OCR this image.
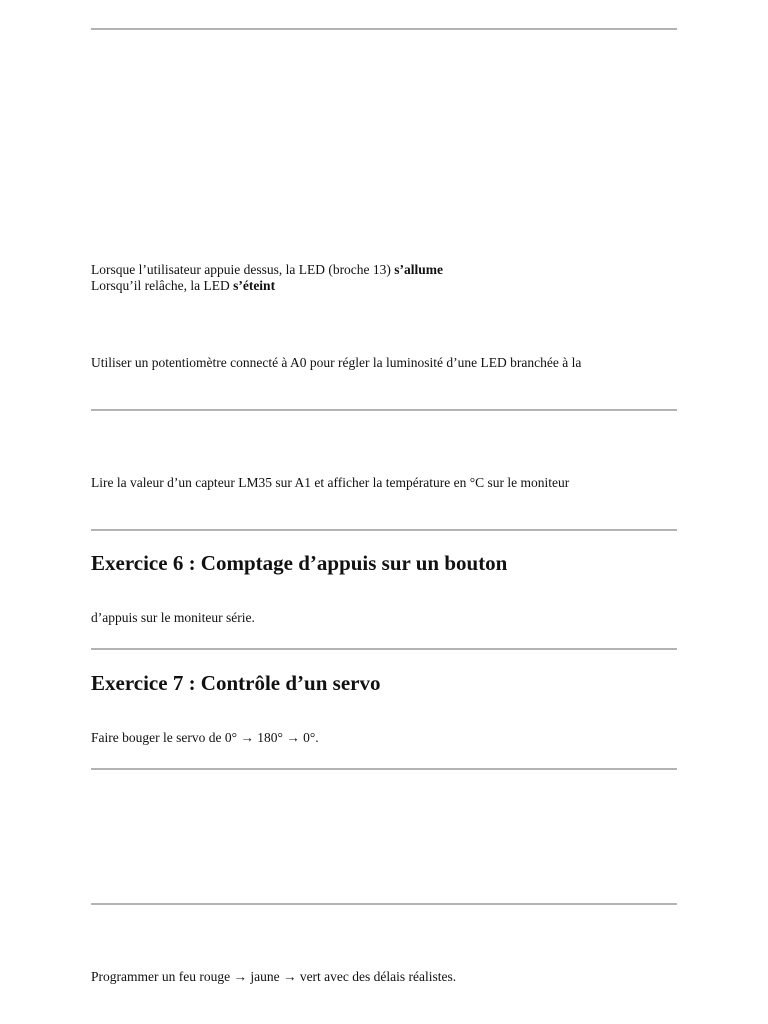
Lorsque l’utilisateur appuie dessus, la LED (broche 13) s’allume
Lorsqu’il relâche, la LED s’éteint
Utiliser un potentiomètre connecté à A0 pour régler la luminosité d’une LED branchée à la
Lire la valeur d’un capteur LM35 sur A1 et afficher la température en °C sur le moniteur
Exercice 6 : Comptage d’appuis sur un bouton
d’appuis sur le moniteur série.
Exercice 7 : Contrôle d’un servo
Faire bouger le servo de 0° → 180° → 0°.
Programmer un feu rouge → jaune → vert avec des délais réalistes.
